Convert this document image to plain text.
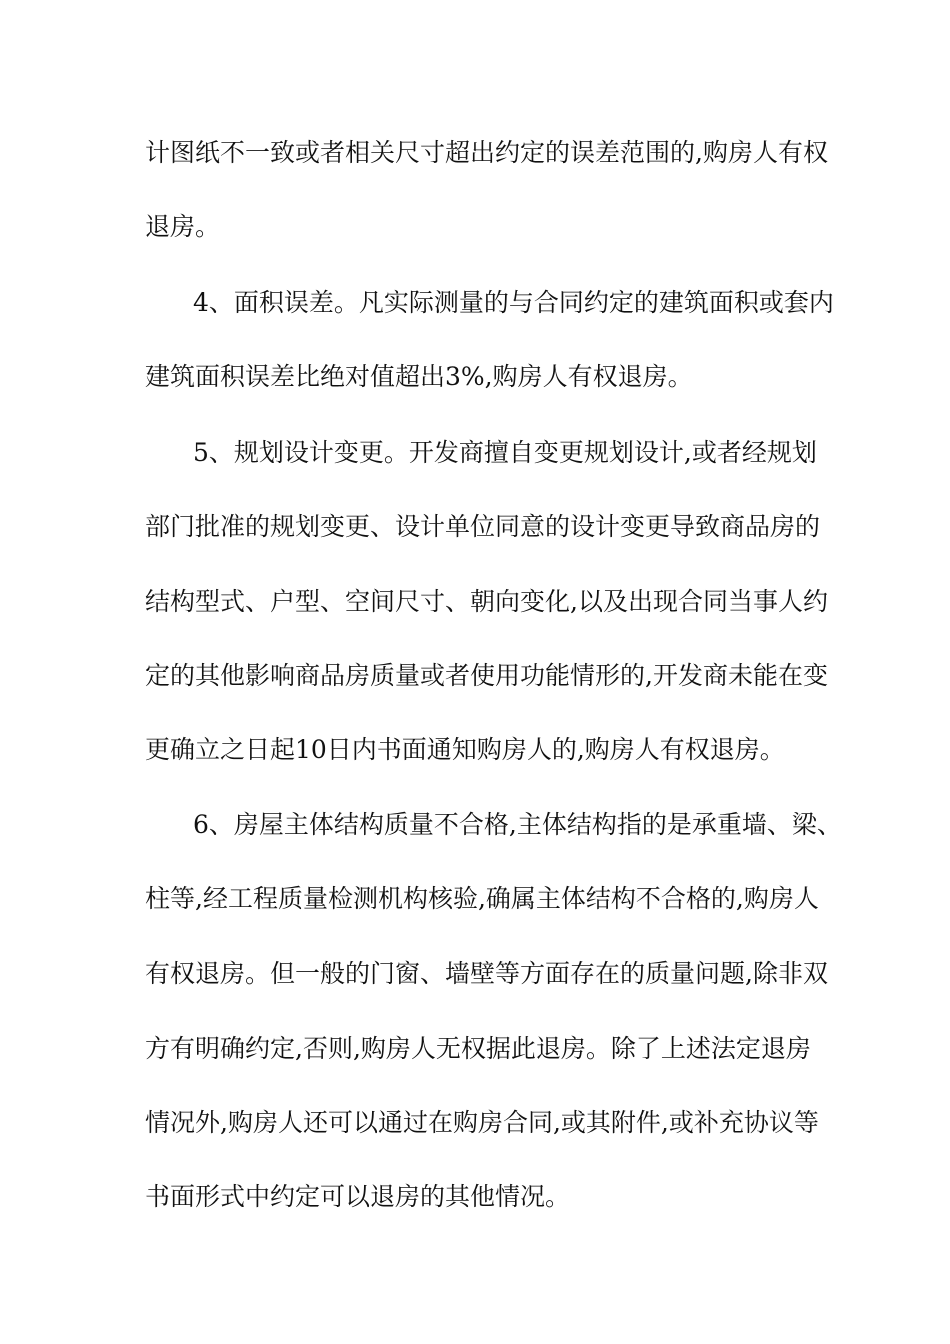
计图纸不一致或者相关尺寸超出约定的误差范围的,购房人有权
退房。
4、面积误差。凡实际测量的与合同约定的建筑面积或套内
建筑面积误差比绝对值超出3%,购房人有权退房。
5、规划设计变更。开发商擅自变更规划设计,或者经规划
部门批准的规划变更、设计单位同意的设计变更导致商品房的
结构型式、户型、空间尺寸、朝向变化,以及出现合同当事人约
定的其他影响商品房质量或者使用功能情形的,开发商未能在变
更确立之日起10日内书面通知购房人的,购房人有权退房。
6、房屋主体结构质量不合格,主体结构指的是承重墙、梁、
柱等,经工程质量检测机构核验,确属主体结构不合格的,购房人
有权退房。但一般的门窗、墙壁等方面存在的质量问题,除非双
方有明确约定,否则,购房人无权据此退房。除了上述法定退房
情况外,购房人还可以通过在购房合同,或其附件,或补充协议等
书面形式中约定可以退房的其他情况。
